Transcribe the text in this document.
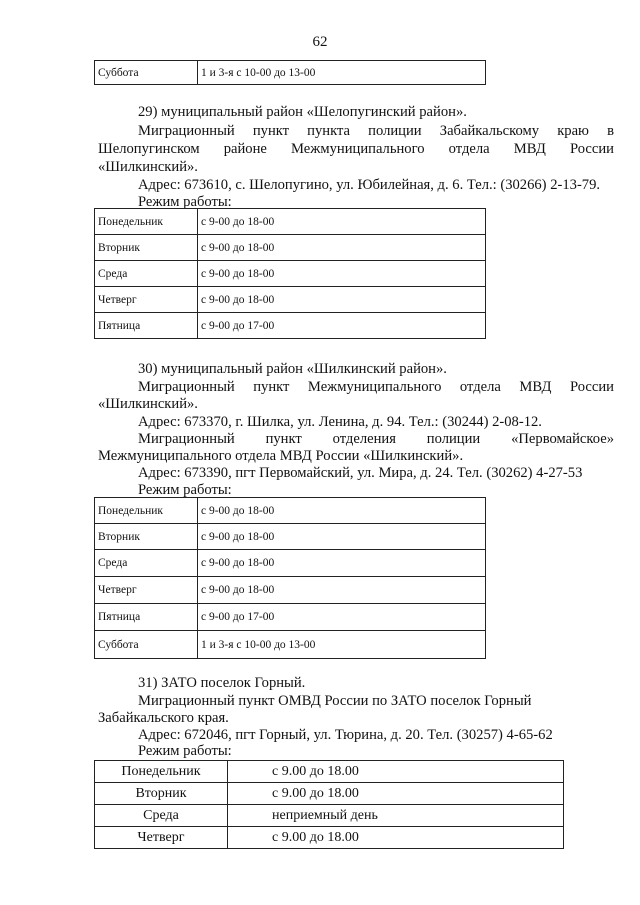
62
Суббота	1 и 3-я с 10-00 до 13-00

29) муниципальный район «Шелопугинский район».

Миграционный пункт пункта полиции Забайкальскому краю в

Шелопугинском районе Межмуниципального отдела МВД России

«Шилкинский».

Адрес: 673610, с. Шелопугино, ул. Юбилейная, д. 6. Тел.: (30266) 2-13-79.

Режим работы:

Понедельник	с 9-00 до 18-00
Вторник	с 9-00 до 18-00
Среда	с 9-00 до 18-00
Четверг	с 9-00 до 18-00
Пятница	с 9-00 до 17-00

30) муниципальный район «Шилкинский район».

Миграционный пункт Межмуниципального отдела МВД России

«Шилкинский».

Адрес: 673370, г. Шилка, ул. Ленина, д. 94. Тел.: (30244) 2-08-12.

Миграционный пункт отделения полиции «Первомайское»

Межмуниципального отдела МВД России «Шилкинский».

Адрес: 673390, пгт Первомайский, ул. Мира, д. 24. Тел. (30262) 4-27-53

Режим работы:

Понедельник	с 9-00 до 18-00
Вторник	с 9-00 до 18-00
Среда	с 9-00 до 18-00
Четверг	с 9-00 до 18-00
Пятница	с 9-00 до 17-00
Суббота	1 и 3-я с 10-00 до 13-00

31) ЗАТО поселок Горный.

Миграционный пункт ОМВД России по ЗАТО поселок Горный

Забайкальского края.

Адрес: 672046, пгт Горный, ул. Тюрина, д. 20. Тел. (30257) 4-65-62

Режим работы:

Понедельник	с 9.00 до 18.00
Вторник	с 9.00 до 18.00
Среда	неприемный день
Четверг	с 9.00 до 18.00
